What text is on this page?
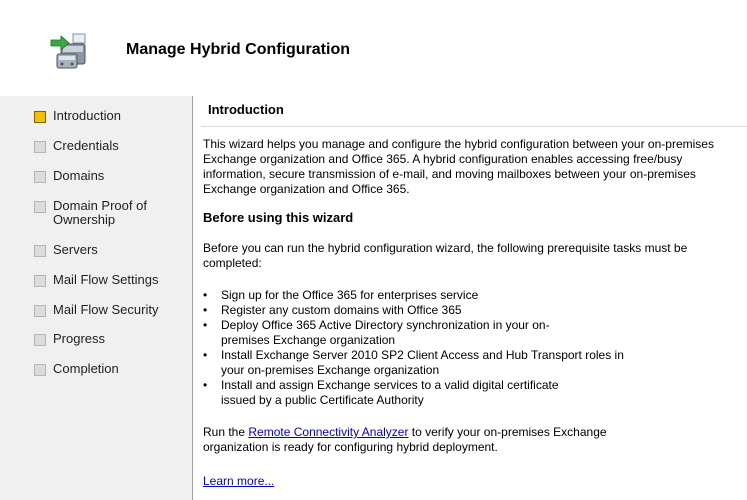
Manage Hybrid Configuration
Introduction
Credentials
Domains
Domain Proof of Ownership
Servers
Mail Flow Settings
Mail Flow Security
Progress
Completion
Introduction
This wizard helps you manage and configure the hybrid configuration between your on-premises Exchange organization and Office 365. A hybrid configuration enables accessing free/busy information, secure transmission of e-mail, and moving mailboxes between your on-premises Exchange organization and Office 365.
Before using this wizard
Before you can run the hybrid configuration wizard, the following prerequisite tasks must be completed:
•	Sign up for the Office 365 for enterprises service
•	Register any custom domains with Office 365
•	Deploy Office 365 Active Directory synchronization in your on-premises Exchange organization
•	Install Exchange Server 2010 SP2 Client Access and Hub Transport roles in your on-premises Exchange organization
•	Install and assign Exchange services to a valid digital certificate issued by a public Certificate Authority
Run the Remote Connectivity Analyzer to verify your on-premises Exchange organization is ready for configuring hybrid deployment.
Learn more...
